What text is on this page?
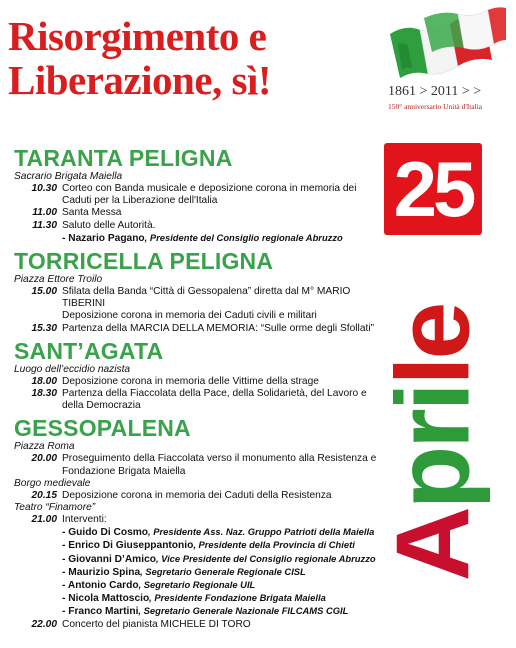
Risorgimento e
Liberazione, sì!	1861 > 2011 > >
150° anniversario Unità d'Italia
25
Aprile
TARANTA PELIGNA
Sacrario Brigata Maiella
10.30 Corteo con Banda musicale e deposizione corona in memoria dei Caduti per la Liberazione dell'Italia
11.00 Santa Messa
11.30 Saluto delle Autorità.
- Nazario Pagano, Presidente del Consiglio regionale Abruzzo
TORRICELLA PELIGNA
Piazza Ettore Troilo
15.00 Sfilata della Banda “Città di Gessopalena” diretta dal M° MARIO TIBERINI
Deposizione corona in memoria dei Caduti civili e militari
15.30 Partenza della MARCIA DELLA MEMORIA: “Sulle orme degli Sfollati”
SANT’AGATA
Luogo dell’eccidio nazista
18.00 Deposizione corona in memoria delle Vittime della strage
18.30 Partenza della Fiaccolata della Pace, della Solidarietà, del Lavoro e della Democrazia
GESSOPALENA
Piazza Roma
20.00 Proseguimento della Fiaccolata verso il monumento alla Resistenza e Fondazione Brigata Maiella
Borgo medievale
20.15 Deposizione corona in memoria dei Caduti della Resistenza
Teatro “Finamore”
21.00 Interventi:
- Guido Di Cosmo, Presidente Ass. Naz. Gruppo Patrioti della Maiella
- Enrico Di Giuseppantonio, Presidente della Provincia di Chieti
- Giovanni D’Amico, Vice Presidente del Consiglio regionale Abruzzo
- Maurizio Spina, Segretario Generale Regionale CISL
- Antonio Cardo, Segretario Regionale UIL
- Nicola Mattoscio, Presidente Fondazione Brigata Maiella
- Franco Martini, Segretario Generale Nazionale FILCAMS CGIL
22.00 Concerto del pianista MICHELE DI TORO
